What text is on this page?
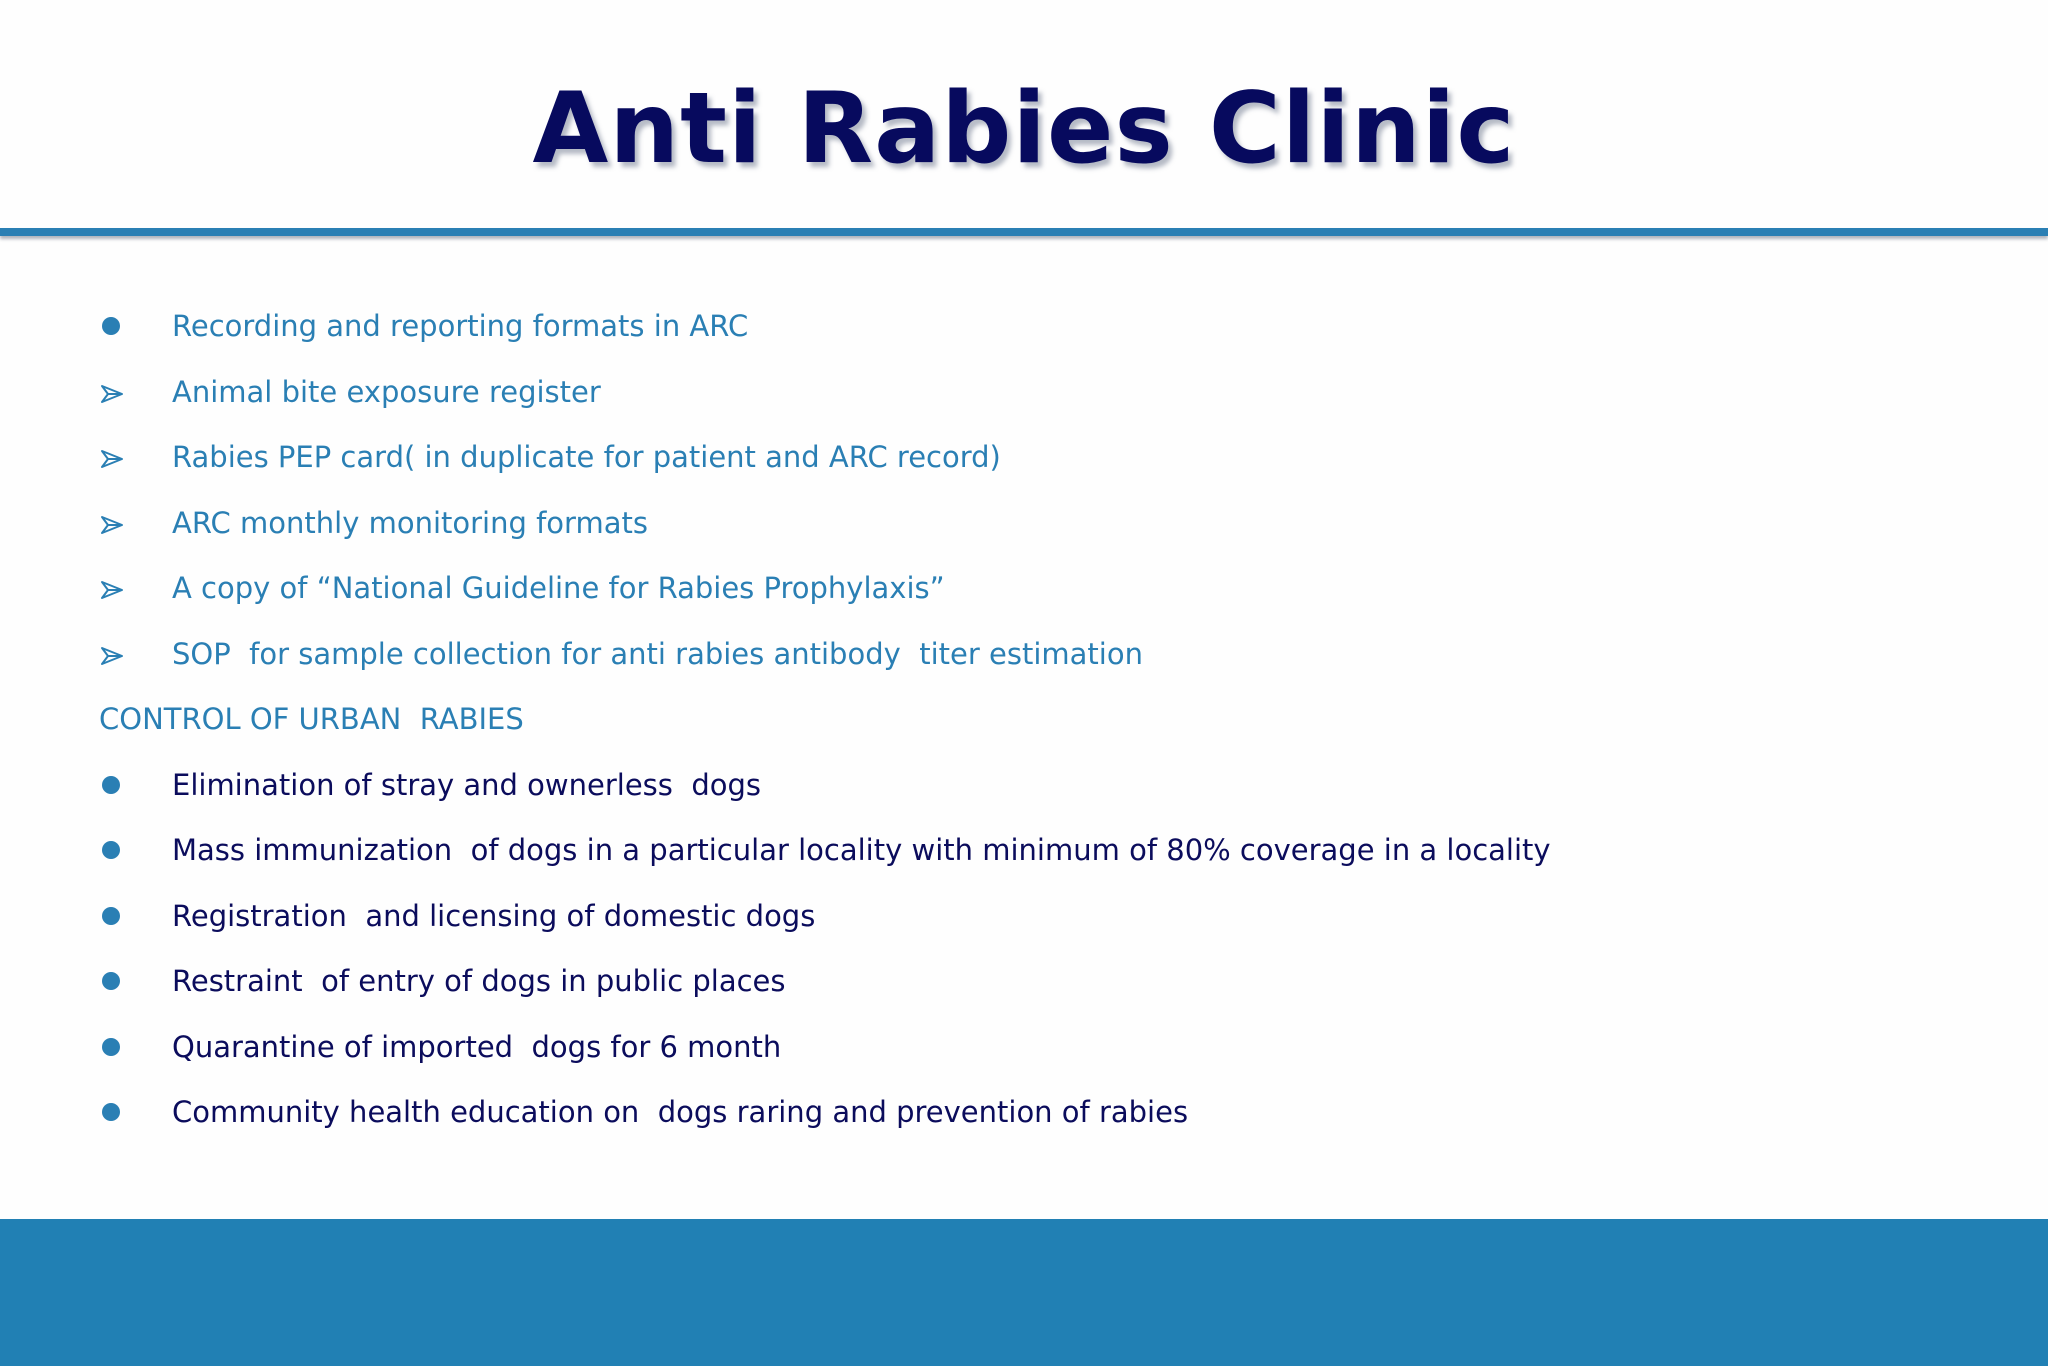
Anti Rabies Clinic
Recording and reporting formats in ARC
Animal bite exposure register
Rabies PEP card( in duplicate for patient and ARC record)
ARC monthly monitoring formats
A copy of “National Guideline for Rabies Prophylaxis”
SOP  for sample collection for anti rabies antibody  titer estimation
CONTROL OF URBAN  RABIES
Elimination of stray and ownerless  dogs
Mass immunization  of dogs in a particular locality with minimum of 80% coverage in a locality
Registration  and licensing of domestic dogs
Restraint  of entry of dogs in public places
Quarantine of imported  dogs for 6 month
Community health education on  dogs raring and prevention of rabies
